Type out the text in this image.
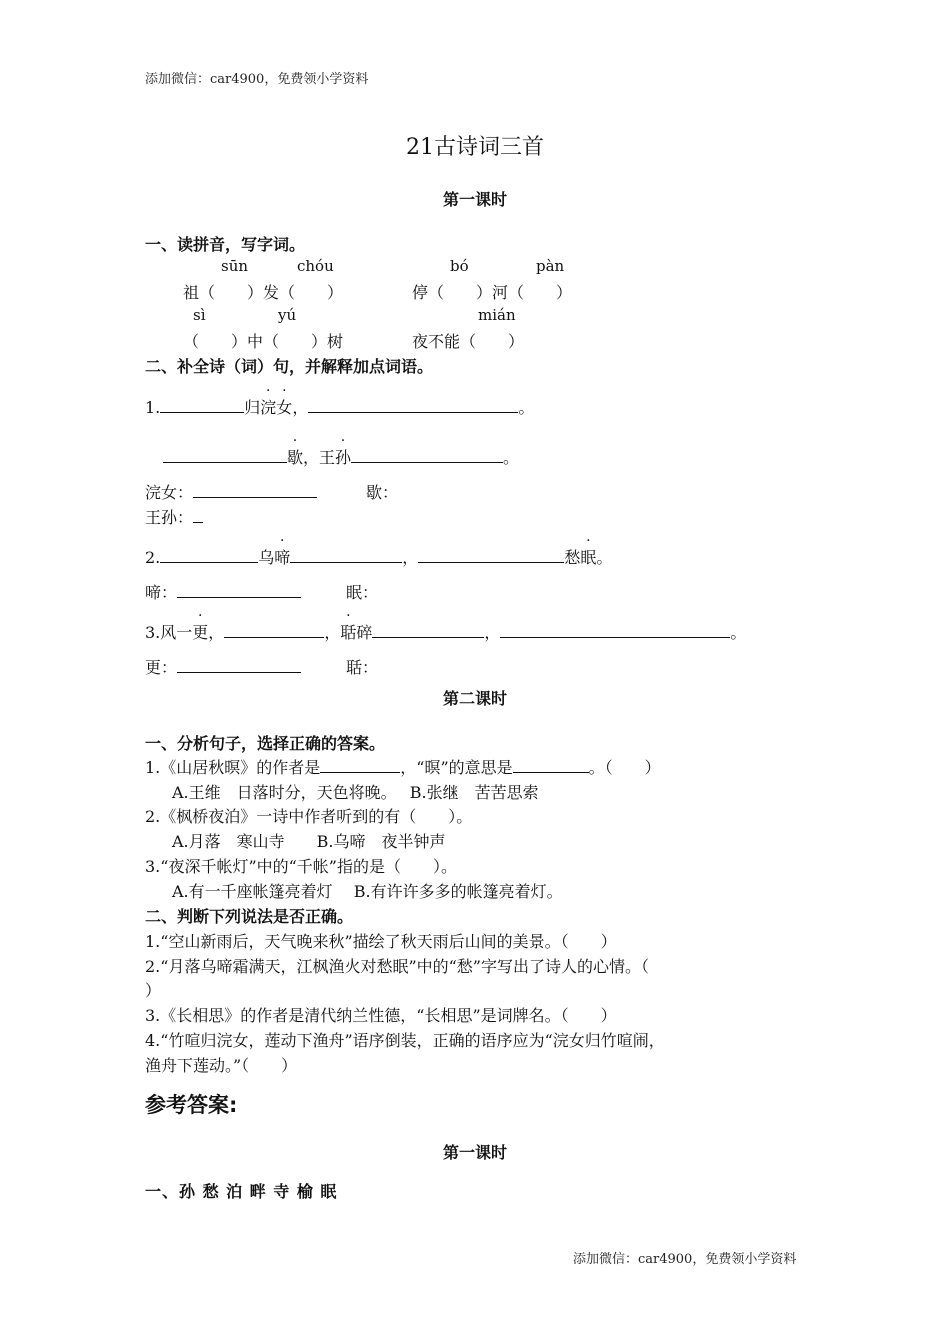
添加微信：car4900，免费领小学资料
21古诗词三首
第一课时
一、读拼音，写字词。
sūn	chóu	bó	pàn
祖（　　）发（　　）	停（　　）河（　　）
sì	yú	mián
（　　）中（　　）树	夜不能（　　）
二、补全诗（词）句，并解释加点词语。
1.	归浣女，	。
歇，王孙	。
浣女：	歇：
王孙：
2.	乌啼	，	愁眠。
啼：	眠：
3.风一更，	，聒碎	，	。
更：	聒：
第二课时
一、分析句子，选择正确的答案。
1.《山居秋暝》的作者是	，“暝”的意思是	。（　　）
A.王维　日落时分，天色将晚。　 B.张继　苦苦思索
2.《枫桥夜泊》一诗中作者听到的有（　　）。
A.月落　寒山寺　　B.乌啼　夜半钟声
3.“夜深千帐灯”中的“千帐”指的是（　　）。
A.有一千座帐篷亮着灯　 B.有许许多多的帐篷亮着灯。
二、判断下列说法是否正确。
1.“空山新雨后，天气晚来秋”描绘了秋天雨后山间的美景。（　　）
2.“月落乌啼霜满天，江枫渔火对愁眠”中的“愁”字写出了诗人的心情。（
）
3.《长相思》的作者是清代纳兰性德，“长相思”是词牌名。（　　）
4.“竹喧归浣女，莲动下渔舟”语序倒装，正确的语序应为“浣女归竹喧闹，
渔舟下莲动。”（　　）
参考答案:
第一课时
一、孙 愁 泊 畔 寺 榆 眠
添加微信：car4900，免费领小学资料
